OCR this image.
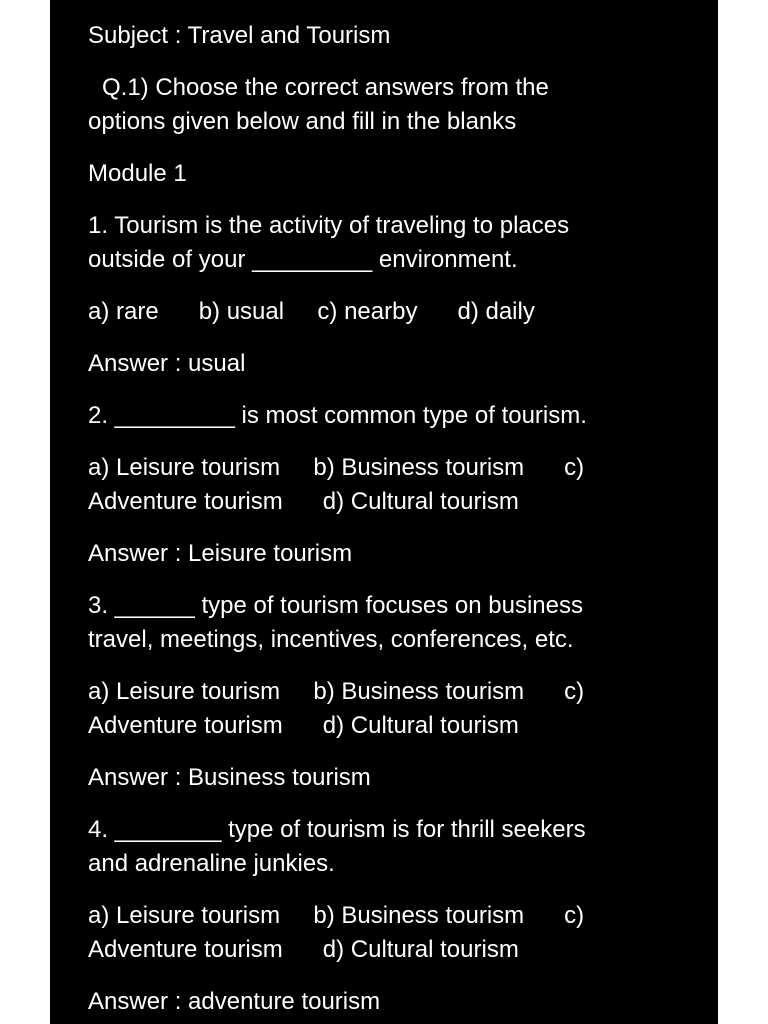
Subject : Travel and Tourism
Q.1) Choose the correct answers from the
options given below and fill in the blanks
Module 1
1. Tourism is the activity of traveling to places
outside of your _________ environment.
a) rare      b) usual     c) nearby      d) daily
Answer : usual
2. _________ is most common type of tourism.
a) Leisure tourism     b) Business tourism      c)
Adventure tourism      d) Cultural tourism
Answer : Leisure tourism
3. ______ type of tourism focuses on business
travel, meetings, incentives, conferences, etc.
a) Leisure tourism     b) Business tourism      c)
Adventure tourism      d) Cultural tourism
Answer : Business tourism
4. ________ type of tourism is for thrill seekers
and adrenaline junkies.
a) Leisure tourism     b) Business tourism      c)
Adventure tourism      d) Cultural tourism
Answer : adventure tourism
